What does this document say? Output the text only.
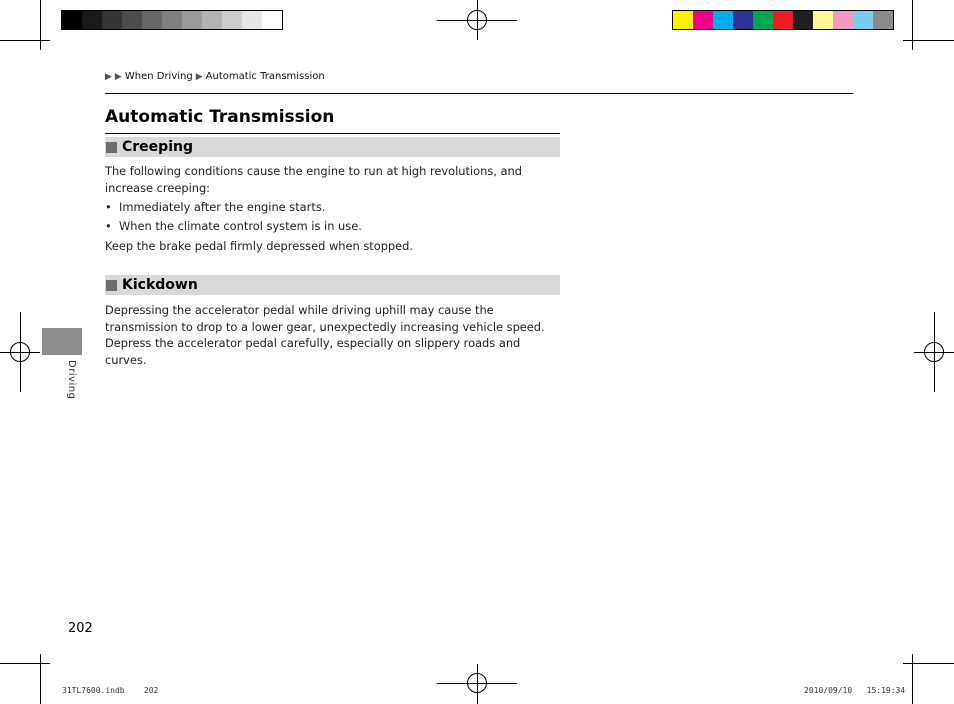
▶ ▶ When Driving ▶ Automatic Transmission
Automatic Transmission
Creeping

The following conditions cause the engine to run at high revolutions, and increase creeping:

• Immediately after the engine starts.
• When the climate control system is in use.

Keep the brake pedal firmly depressed when stopped.

Kickdown

Depressing the accelerator pedal while driving uphill may cause the transmission to drop to a lower gear, unexpectedly increasing vehicle speed. Depress the accelerator pedal carefully, especially on slippery roads and curves.

Driving
202
31TL7600.indb 202	2010/09/10 15:19:34
